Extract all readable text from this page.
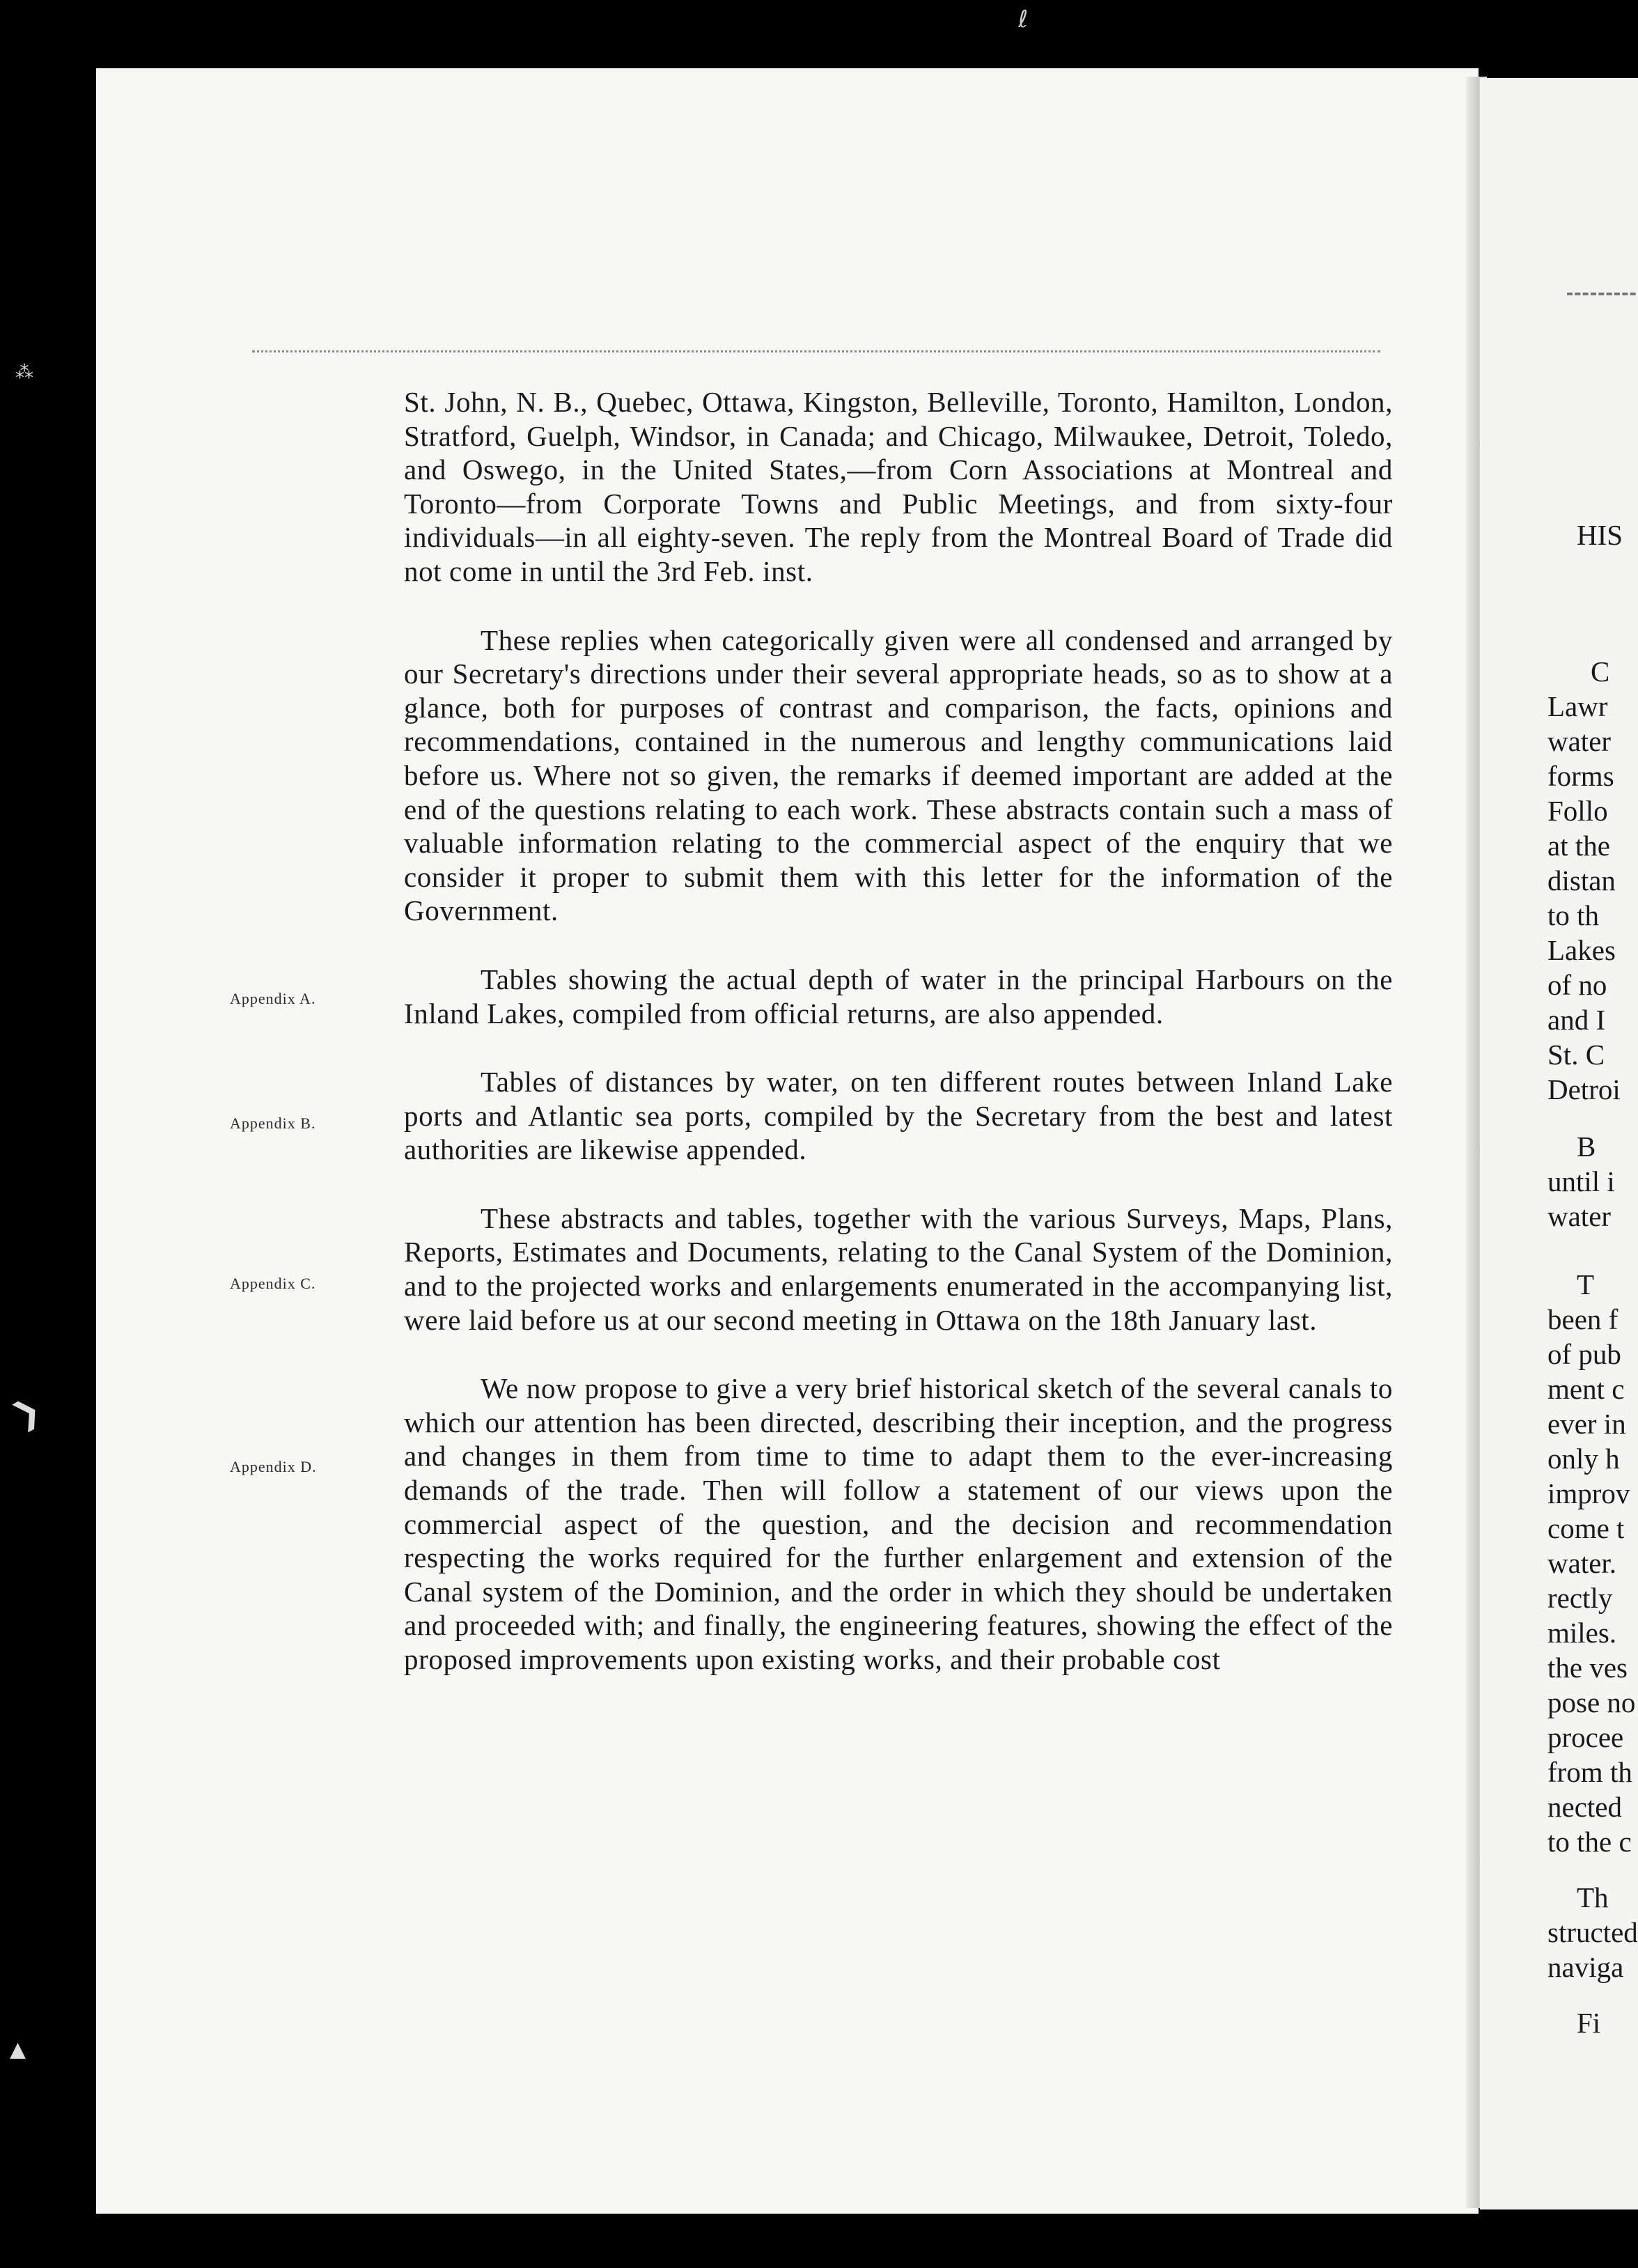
ℓ
⁂
❯
▲

St. John, N. B., Quebec, Ottawa, Kingston, Belleville, Toronto, Hamilton, London, Stratford, Guelph, Windsor, in Canada; and Chicago, Milwaukee, Detroit, Toledo, and Oswego, in the United States,—from Corn Associations at Montreal and Toronto—from Corporate Towns and Public Meetings, and from sixty-four individuals—in all eighty-seven. The reply from the Montreal Board of Trade did not come in until the 3rd Feb. inst.

These replies when categorically given were all condensed and arranged by our Secretary's directions under their several appropriate heads, so as to show at a glance, both for purposes of contrast and comparison, the facts, opinions and recommendations, contained in the numerous and lengthy communications laid before us. Where not so given, the remarks if deemed important are added at the end of the questions relating to each work. These abstracts contain such a mass of valuable information relating to the commercial aspect of the enquiry that we consider it proper to submit them with this letter for the information of the Government.

Tables showing the actual depth of water in the principal Harbours on the Inland Lakes, compiled from official returns, are also appended.

Tables of distances by water, on ten different routes between Inland Lake ports and Atlantic sea ports, compiled by the Secretary from the best and latest authorities are likewise appended.

These abstracts and tables, together with the various Surveys, Maps, Plans, Reports, Estimates and Documents, relating to the Canal System of the Dominion, and to the projected works and enlargements enumerated in the accompanying list, were laid before us at our second meeting in Ottawa on the 18th January last.

We now propose to give a very brief historical sketch of the several canals to which our attention has been directed, describing their inception, and the progress and changes in them from time to time to adapt them to the ever-increasing demands of the trade. Then will follow a statement of our views upon the commercial aspect of the question, and the decision and recommendation respecting the works required for the further enlargement and extension of the Canal system of the Dominion, and the order in which they should be undertaken and proceeded with; and finally, the engineering features, showing the effect of the proposed improvements upon existing works, and their probable cost

Appendix A.
Appendix B.
Appendix C.
Appendix D.
HIS
C
Lawr
water
forms
Follo
at the
distan
to th
Lakes
of no
and I
St. C
Detroi
B
until i
water
T
been f
of pub
ment c
ever in
only h
improv
come t
water.
rectly
miles.
the ves
pose no
procee
from th
nected
to the c
Th
structed
naviga
Fi
